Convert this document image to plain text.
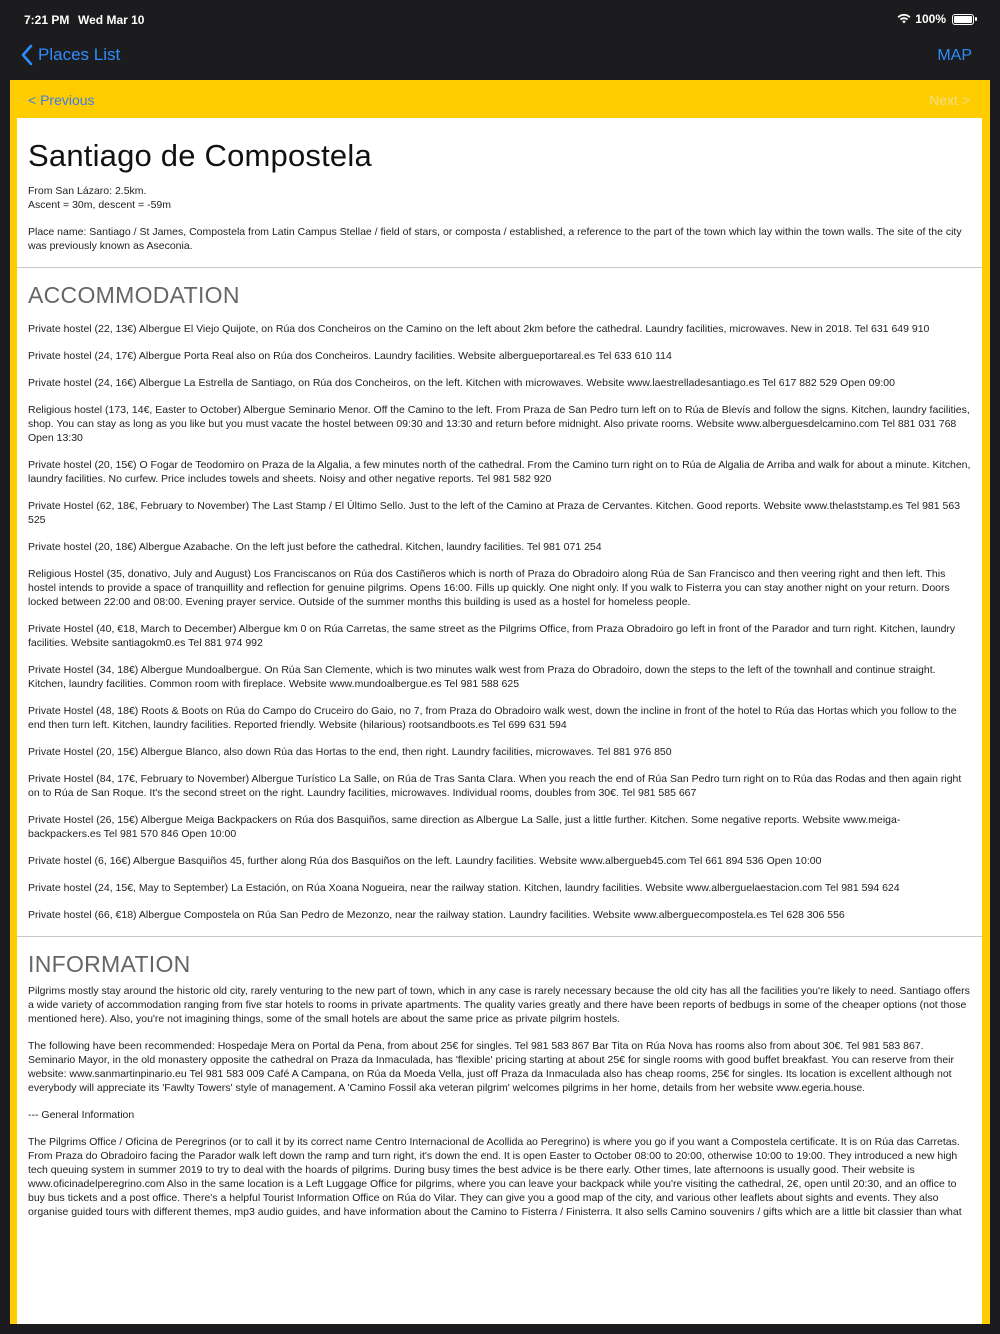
7:21 PM Wed Mar 10	100%
Places List	MAP
< Previous	Next >
Santiago de Compostela
From San Lázaro: 2.5km.
Ascent = 30m, descent = -59m
Place name: Santiago / St James, Compostela from Latin Campus Stellae / field of stars, or composta / established, a reference to the part of the town which lay within the town walls. The site of the city was previously known as Aseconia.
ACCOMMODATION
Private hostel (22, 13€) Albergue El Viejo Quijote, on Rúa dos Concheiros on the Camino on the left about 2km before the cathedral. Laundry facilities, microwaves. New in 2018. Tel 631 649 910
Private hostel (24, 17€) Albergue Porta Real also on Rúa dos Concheiros. Laundry facilities. Website albergueportareal.es Tel 633 610 114
Private hostel (24, 16€) Albergue La Estrella de Santiago, on Rúa dos Concheiros, on the left. Kitchen with microwaves. Website www.laestrelladesantiago.es Tel 617 882 529 Open 09:00
Religious hostel (173, 14€, Easter to October) Albergue Seminario Menor. Off the Camino to the left. From Praza de San Pedro turn left on to Rúa de Blevís and follow the signs. Kitchen, laundry facilities, shop. You can stay as long as you like but you must vacate the hostel between 09:30 and 13:30 and return before midnight. Also private rooms. Website www.alberguesdelcamino.com Tel 881 031 768 Open 13:30
Private hostel (20, 15€) O Fogar de Teodomiro on Praza de la Algalia, a few minutes north of the cathedral. From the Camino turn right on to Rúa de Algalia de Arriba and walk for about a minute. Kitchen, laundry facilities. No curfew. Price includes towels and sheets. Noisy and other negative reports. Tel 981 582 920
Private Hostel (62, 18€, February to November) The Last Stamp / El Último Sello. Just to the left of the Camino at Praza de Cervantes. Kitchen. Good reports. Website www.thelaststamp.es Tel 981 563 525
Private hostel (20, 18€) Albergue Azabache. On the left just before the cathedral. Kitchen, laundry facilities. Tel 981 071 254
Religious Hostel (35, donativo, July and August) Los Franciscanos on Rúa dos Castiñeros which is north of Praza do Obradoiro along Rúa de San Francisco and then veering right and then left. This hostel intends to provide a space of tranquillity and reflection for genuine pilgrims. Opens 16:00. Fills up quickly. One night only. If you walk to Fisterra you can stay another night on your return. Doors locked between 22:00 and 08:00. Evening prayer service. Outside of the summer months this building is used as a hostel for homeless people.
Private Hostel (40, €18, March to December) Albergue km 0 on Rúa Carretas, the same street as the Pilgrims Office, from Praza Obradoiro go left in front of the Parador and turn right. Kitchen, laundry facilities. Website santiagokm0.es Tel 881 974 992
Private Hostel (34, 18€) Albergue Mundoalbergue. On Rúa San Clemente, which is two minutes walk west from Praza do Obradoiro, down the steps to the left of the townhall and continue straight. Kitchen, laundry facilities. Common room with fireplace. Website www.mundoalbergue.es Tel 981 588 625
Private Hostel (48, 18€) Roots & Boots on Rúa do Campo do Cruceiro do Gaio, no 7, from Praza do Obradoiro walk west, down the incline in front of the hotel to Rúa das Hortas which you follow to the end then turn left. Kitchen, laundry facilities. Reported friendly. Website (hilarious) rootsandboots.es Tel 699 631 594
Private Hostel (20, 15€) Albergue Blanco, also down Rúa das Hortas to the end, then right. Laundry facilities, microwaves. Tel 881 976 850
Private Hostel (84, 17€, February to November) Albergue Turístico La Salle, on Rúa de Tras Santa Clara. When you reach the end of Rúa San Pedro turn right on to Rúa das Rodas and then again right on to Rúa de San Roque. It's the second street on the right. Laundry facilities, microwaves. Individual rooms, doubles from 30€. Tel 981 585 667
Private Hostel (26, 15€) Albergue Meiga Backpackers on Rúa dos Basquiños, same direction as Albergue La Salle, just a little further. Kitchen. Some negative reports. Website www.meiga-backpackers.es Tel 981 570 846 Open 10:00
Private hostel (6, 16€) Albergue Basquiños 45, further along Rúa dos Basquiños on the left. Laundry facilities. Website www.albergueb45.com Tel 661 894 536 Open 10:00
Private hostel (24, 15€, May to September) La Estación, on Rúa Xoana Nogueira, near the railway station. Kitchen, laundry facilities. Website www.alberguelaestacion.com Tel 981 594 624
Private hostel (66, €18) Albergue Compostela on Rúa San Pedro de Mezonzo, near the railway station. Laundry facilities. Website www.alberguecompostela.es Tel 628 306 556
INFORMATION
Pilgrims mostly stay around the historic old city, rarely venturing to the new part of town, which in any case is rarely necessary because the old city has all the facilities you're likely to need. Santiago offers a wide variety of accommodation ranging from five star hotels to rooms in private apartments. The quality varies greatly and there have been reports of bedbugs in some of the cheaper options (not those mentioned here). Also, you're not imagining things, some of the small hotels are about the same price as private pilgrim hostels.
The following have been recommended: Hospedaje Mera on Portal da Pena, from about 25€ for singles. Tel 981 583 867 Bar Tita on Rúa Nova has rooms also from about 30€. Tel 981 583 867. Seminario Mayor, in the old monastery opposite the cathedral on Praza da Inmaculada, has 'flexible' pricing starting at about 25€ for single rooms with good buffet breakfast. You can reserve from their website: www.sanmartinpinario.eu Tel 981 583 009 Café A Campana, on Rúa da Moeda Vella, just off Praza da Inmaculada also has cheap rooms, 25€ for singles. Its location is excellent although not everybody will appreciate its 'Fawlty Towers' style of management. A 'Camino Fossil aka veteran pilgrim' welcomes pilgrims in her home, details from her website www.egeria.house.
--- General Information
The Pilgrims Office / Oficina de Peregrinos (or to call it by its correct name Centro Internacional de Acollida ao Peregrino) is where you go if you want a Compostela certificate. It is on Rúa das Carretas. From Praza do Obradoiro facing the Parador walk left down the ramp and turn right, it's down the end. It is open Easter to October 08:00 to 20:00, otherwise 10:00 to 19:00. They introduced a new high tech queuing system in summer 2019 to try to deal with the hoards of pilgrims. During busy times the best advice is be there early. Other times, late afternoons is usually good. Their website is www.oficinadelperegrino.com Also in the same location is a Left Luggage Office for pilgrims, where you can leave your backpack while you're visiting the cathedral, 2€, open until 20:30, and an office to buy bus tickets and a post office. There's a helpful Tourist Information Office on Rúa do Vilar. They can give you a good map of the city, and various other leaflets about sights and events. They also organise guided tours with different themes, mp3 audio guides, and have information about the Camino to Fisterra / Finisterra. It also sells Camino souvenirs / gifts which are a little bit classier than what
